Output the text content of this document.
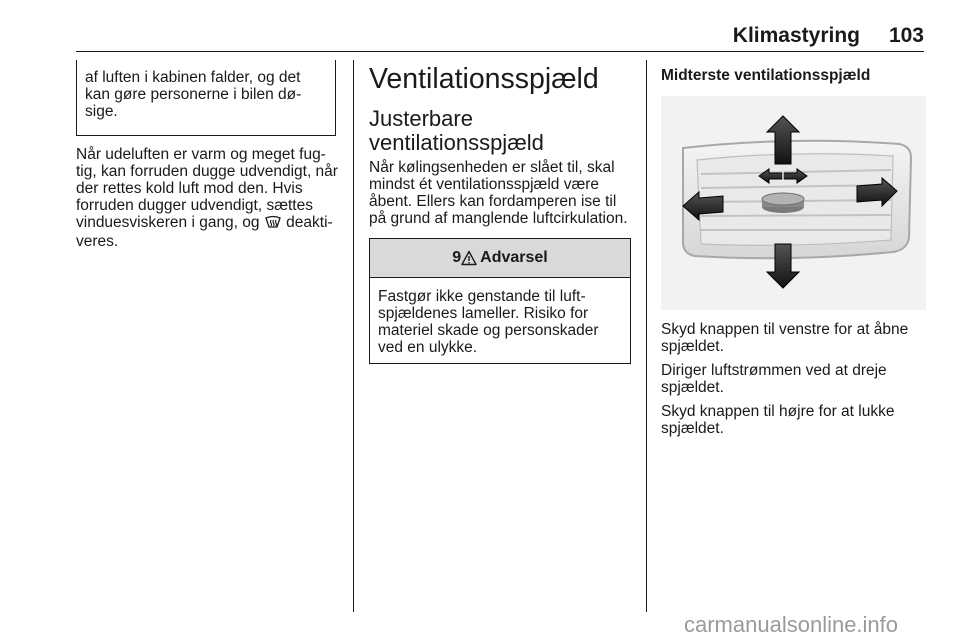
Klimastyring 103
af luften i kabinen falder, og det kan gøre personerne i bilen dø-sige.
Når udeluften er varm og meget fug-tig, kan forruden dugge udvendigt, når der rettes kold luft mod den. Hvis forruden dugger udvendigt, sættes vinduesviskeren i gang, og deakti-veres.
Ventilationsspjæld
Justerbare ventilationsspjæld
Når kølingsenheden er slået til, skal mindst ét ventilationsspjæld være åbent. Ellers kan fordamperen ise til på grund af manglende luftcirkulation.
9 Advarsel
Fastgør ikke genstande til luft-spjældenes lameller. Risiko for materiel skade og personskader ved en ulykke.
Midterste ventilationsspjæld
Skyd knappen til venstre for at åbne spjældet.
Diriger luftstrømmen ved at dreje spjældet.
Skyd knappen til højre for at lukke spjældet.
carmanualsonline.info
